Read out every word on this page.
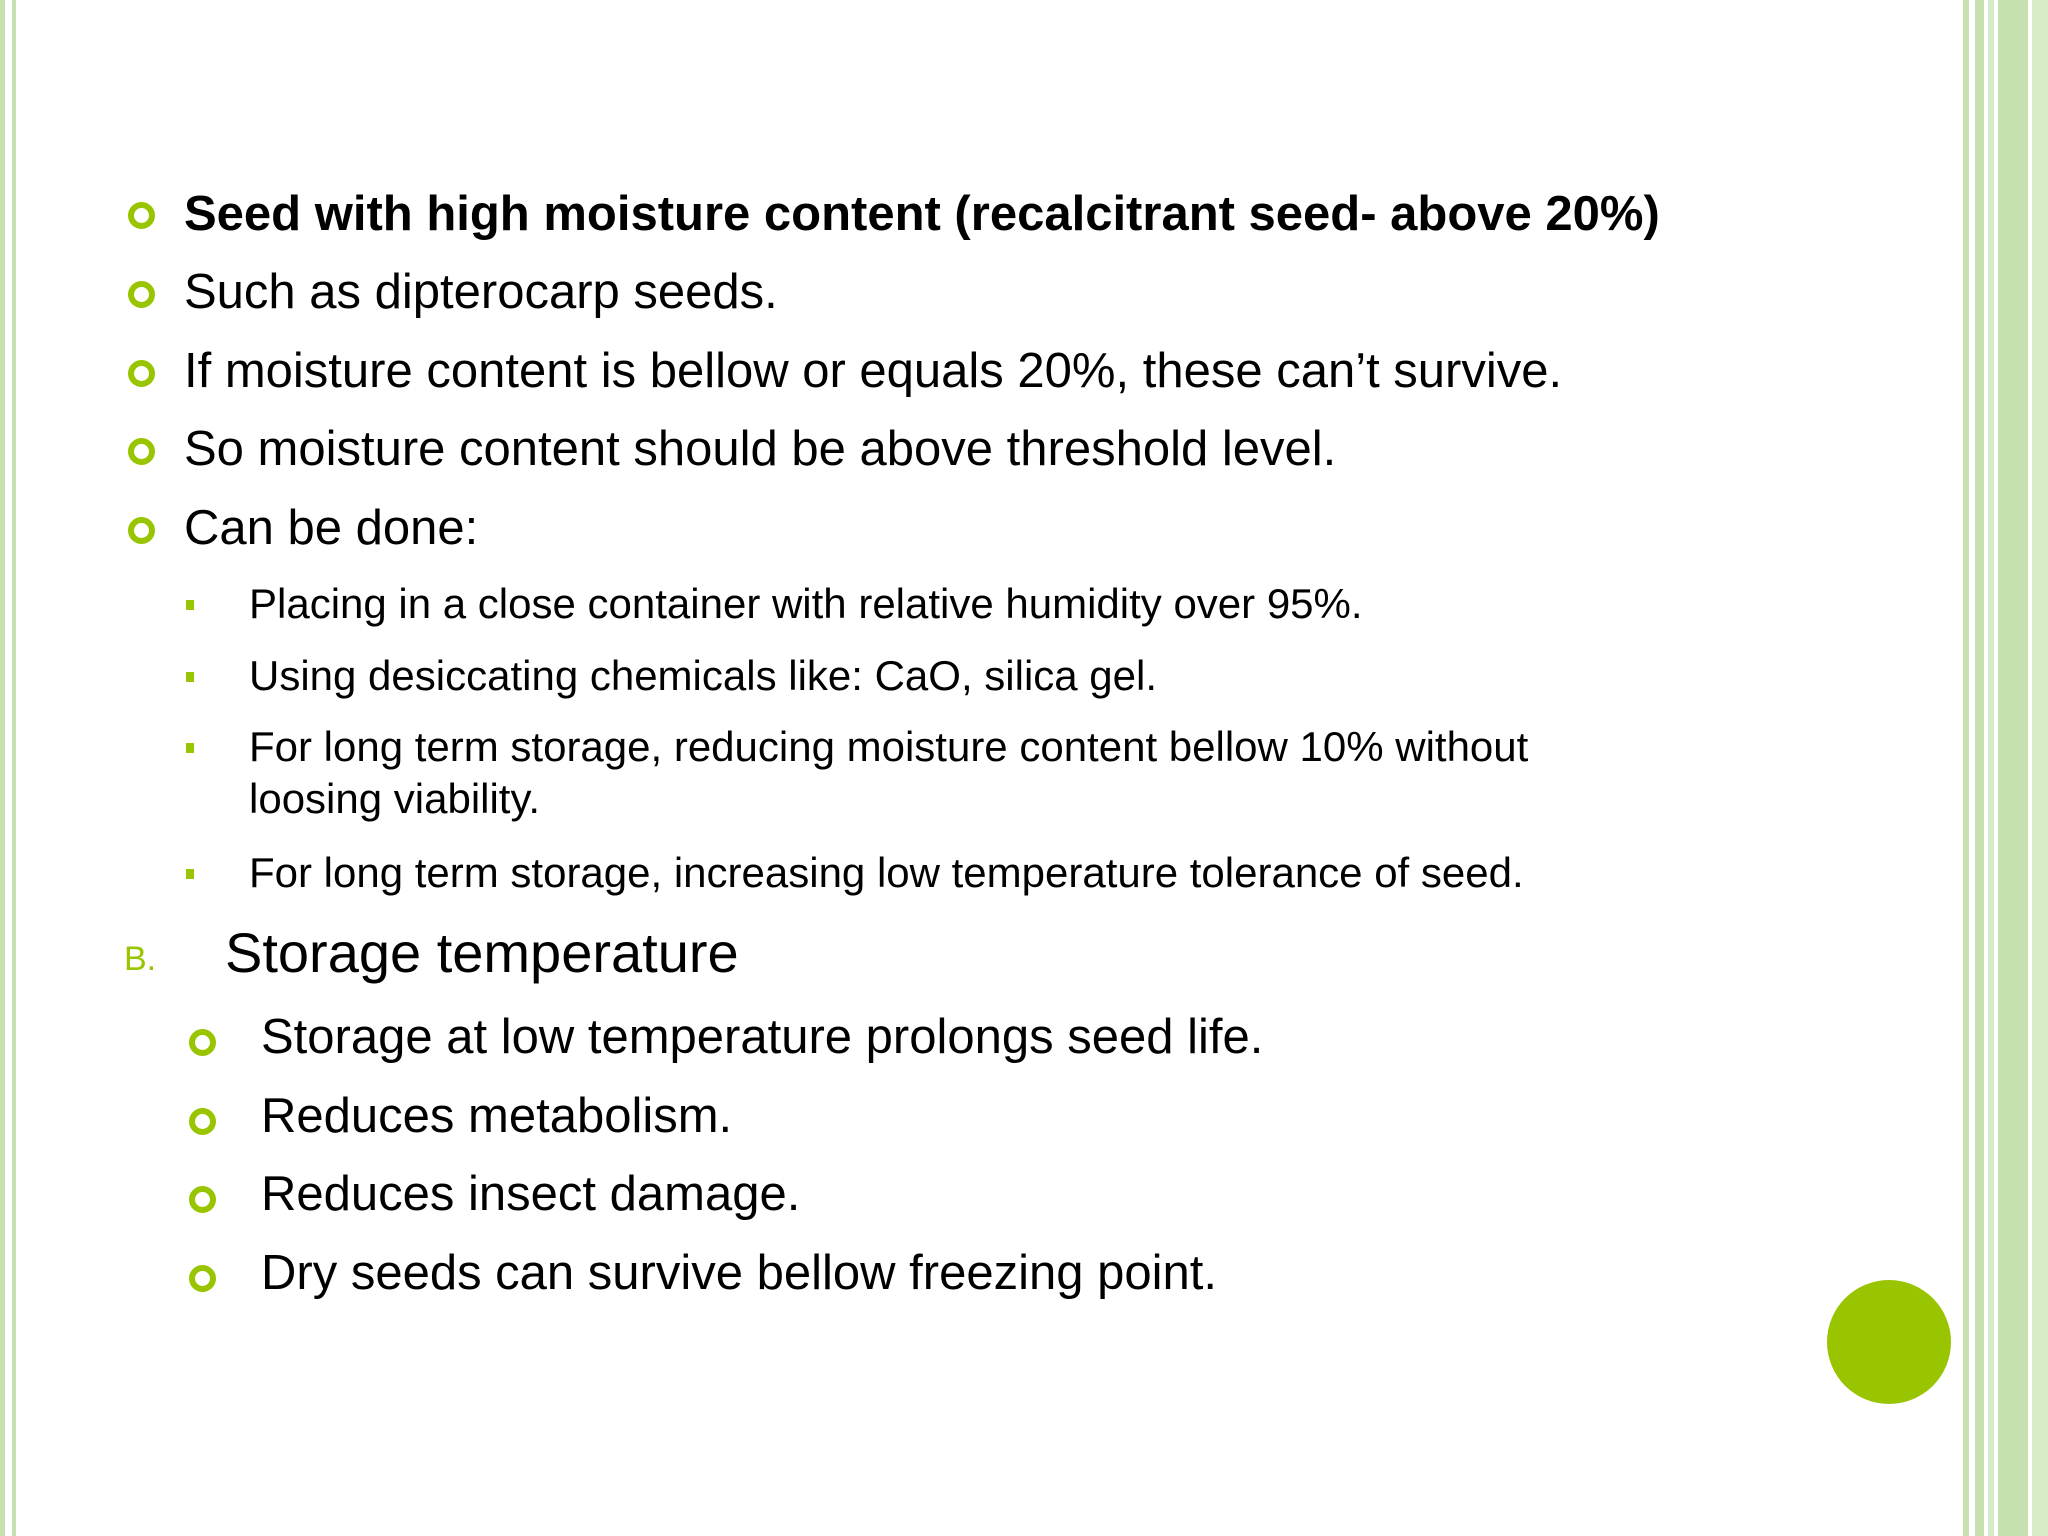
Seed with high moisture content (recalcitrant seed- above 20%)
Such as dipterocarp seeds.
If moisture content is bellow or equals 20%, these can’t survive.
So moisture content should be above threshold level.
Can be done:
Placing in a close container with relative humidity over 95%.
Using desiccating chemicals like: CaO, silica gel.
For long term storage, reducing moisture content bellow 10% without loosing viability.
For long term storage, increasing low temperature tolerance of seed.
B. Storage temperature
Storage at low temperature prolongs seed life.
Reduces metabolism.
Reduces insect damage.
Dry seeds can survive bellow freezing point.
